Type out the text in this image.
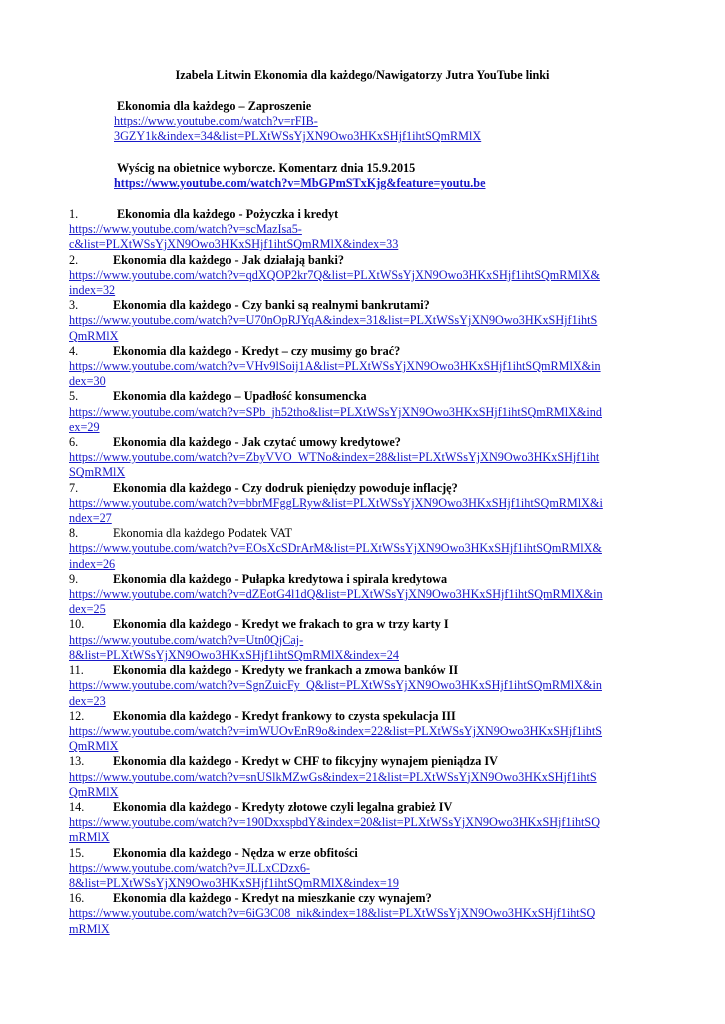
Izabela Litwin Ekonomia dla każdego/Nawigatorzy Jutra YouTube linki
Ekonomia dla każdego – Zaproszenie
https://www.youtube.com/watch?v=rFIB-
3GZY1k&index=34&list=PLXtWSsYjXN9Owo3HKxSHjf1ihtSQmRMlX
Wyścig na obietnice wyborcze. Komentarz dnia 15.9.2015
https://www.youtube.com/watch?v=MbGPmSTxKjg&feature=youtu.be
1.	Ekonomia dla każdego - Pożyczka i kredyt
https://www.youtube.com/watch?v=scMazIsa5-
c&list=PLXtWSsYjXN9Owo3HKxSHjf1ihtSQmRMlX&index=33
2.	Ekonomia dla każdego - Jak działają banki?
https://www.youtube.com/watch?v=qdXQOP2kr7Q&list=PLXtWSsYjXN9Owo3HKxSHjf1ihtSQmRMlX&
index=32
3.	Ekonomia dla każdego - Czy banki są realnymi bankrutami?
https://www.youtube.com/watch?v=U70nOpRJYqA&index=31&list=PLXtWSsYjXN9Owo3HKxSHjf1ihtS
QmRMlX
4.	Ekonomia dla każdego - Kredyt – czy musimy go brać?
https://www.youtube.com/watch?v=VHv9lSoij1A&list=PLXtWSsYjXN9Owo3HKxSHjf1ihtSQmRMlX&in
dex=30
5.	Ekonomia dla każdego – Upadłość konsumencka
https://www.youtube.com/watch?v=SPb_jh52tho&list=PLXtWSsYjXN9Owo3HKxSHjf1ihtSQmRMlX&ind
ex=29
6.	Ekonomia dla każdego - Jak czytać umowy kredytowe?
https://www.youtube.com/watch?v=ZbyVVO_WTNo&index=28&list=PLXtWSsYjXN9Owo3HKxSHjf1iht
SQmRMlX
7.	Ekonomia dla każdego - Czy dodruk pieniędzy powoduje inflację?
https://www.youtube.com/watch?v=bbrMFggLRyw&list=PLXtWSsYjXN9Owo3HKxSHjf1ihtSQmRMlX&i
ndex=27
8.	Ekonomia dla każdego Podatek VAT
https://www.youtube.com/watch?v=EOsXcSDrArM&list=PLXtWSsYjXN9Owo3HKxSHjf1ihtSQmRMlX&
index=26
9.	Ekonomia dla każdego - Pułapka kredytowa i spirala kredytowa
https://www.youtube.com/watch?v=dZEotG4l1dQ&list=PLXtWSsYjXN9Owo3HKxSHjf1ihtSQmRMlX&in
dex=25
10.	Ekonomia dla każdego - Kredyt we frakach to gra w trzy karty I
https://www.youtube.com/watch?v=Utn0QjCaj-
8&list=PLXtWSsYjXN9Owo3HKxSHjf1ihtSQmRMlX&index=24
11.	Ekonomia dla każdego - Kredyty we frankach a zmowa banków II
https://www.youtube.com/watch?v=SgnZuicFy_Q&list=PLXtWSsYjXN9Owo3HKxSHjf1ihtSQmRMlX&in
dex=23
12.	Ekonomia dla każdego - Kredyt frankowy to czysta spekulacja III
https://www.youtube.com/watch?v=imWUOvEnR9o&index=22&list=PLXtWSsYjXN9Owo3HKxSHjf1ihtS
QmRMlX
13.	Ekonomia dla każdego - Kredyt w CHF to fikcyjny wynajem pieniądza IV
https://www.youtube.com/watch?v=snUSlkMZwGs&index=21&list=PLXtWSsYjXN9Owo3HKxSHjf1ihtS
QmRMlX
14.	Ekonomia dla każdego - Kredyty złotowe czyli legalna grabież IV
https://www.youtube.com/watch?v=190DxxspbdY&index=20&list=PLXtWSsYjXN9Owo3HKxSHjf1ihtSQ
mRMlX
15.	Ekonomia dla każdego - Nędza w erze obfitości
https://www.youtube.com/watch?v=JLLxCDzx6-
8&list=PLXtWSsYjXN9Owo3HKxSHjf1ihtSQmRMlX&index=19
16.	Ekonomia dla każdego - Kredyt na mieszkanie czy wynajem?
https://www.youtube.com/watch?v=6iG3C08_nik&index=18&list=PLXtWSsYjXN9Owo3HKxSHjf1ihtSQ
mRMlX
